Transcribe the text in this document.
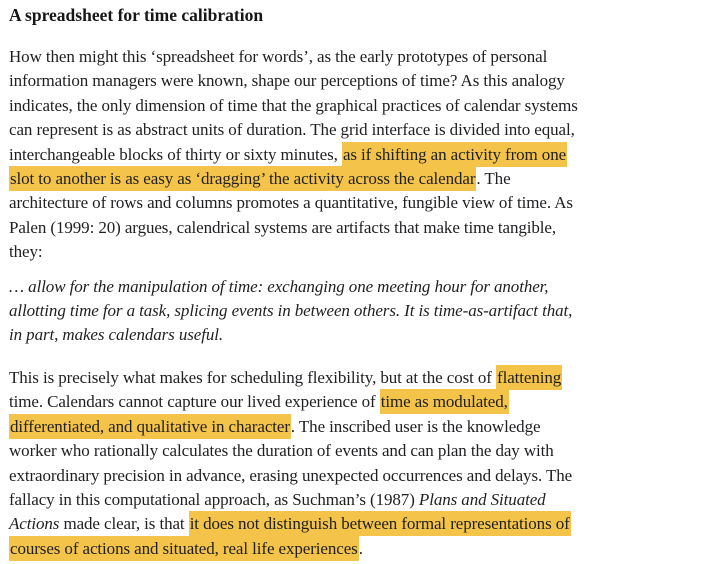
A spreadsheet for time calibration
How then might this ‘spreadsheet for words’, as the early prototypes of personal
information managers were known, shape our perceptions of time? As this analogy
indicates, the only dimension of time that the graphical practices of calendar systems
can represent is as abstract units of duration. The grid interface is divided into equal,
interchangeable blocks of thirty or sixty minutes, as if shifting an activity from one
slot to another is as easy as ‘dragging’ the activity across the calendar. The
architecture of rows and columns promotes a quantitative, fungible view of time. As
Palen (1999: 20) argues, calendrical systems are artifacts that make time tangible,
they:
… allow for the manipulation of time: exchanging one meeting hour for another,
allotting time for a task, splicing events in between others. It is time-as-artifact that,
in part, makes calendars useful.
This is precisely what makes for scheduling flexibility, but at the cost of flattening
time. Calendars cannot capture our lived experience of time as modulated,
differentiated, and qualitative in character. The inscribed user is the knowledge
worker who rationally calculates the duration of events and can plan the day with
extraordinary precision in advance, erasing unexpected occurrences and delays. The
fallacy in this computational approach, as Suchman’s (1987) Plans and Situated
Actions made clear, is that it does not distinguish between formal representations of
courses of actions and situated, real life experiences.
